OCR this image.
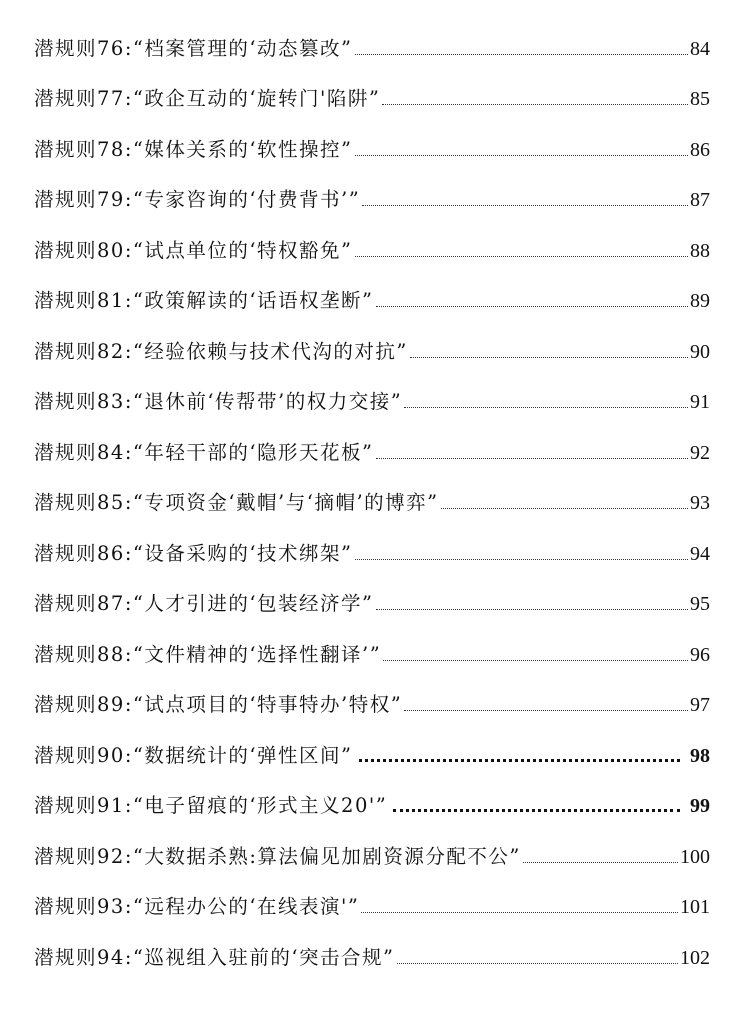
潜规则76:“档案管理的‘动态篡改”	84
潜规则77:“政企互动的‘旋转门'陷阱”	85
潜规则78:“媒体关系的‘软性操控”	86
潜规则79:“专家咨询的‘付费背书’”	87
潜规则80:“试点单位的‘特权豁免”	88
潜规则81:“政策解读的‘话语权垄断”	89
潜规则82:“经验依赖与技术代沟的对抗”	90
潜规则83:“退休前‘传帮带’的权力交接”	91
潜规则84:“年轻干部的‘隐形天花板”	92
潜规则85:“专项资金‘戴帽’与‘摘帽’的博弈”	93
潜规则86:“设备采购的‘技术绑架”	94
潜规则87:“人才引进的‘包装经济学”	95
潜规则88:“文件精神的‘选择性翻译’”	96
潜规则89:“试点项目的‘特事特办’特权”	97
潜规则90:“数据统计的‘弹性区间”	98
潜规则91:“电子留痕的‘形式主义20'”	99
潜规则92:“大数据杀熟:算法偏见加剧资源分配不公”	100
潜规则93:“远程办公的‘在线表演'”	101
潜规则94:“巡视组入驻前的‘突击合规”	102
